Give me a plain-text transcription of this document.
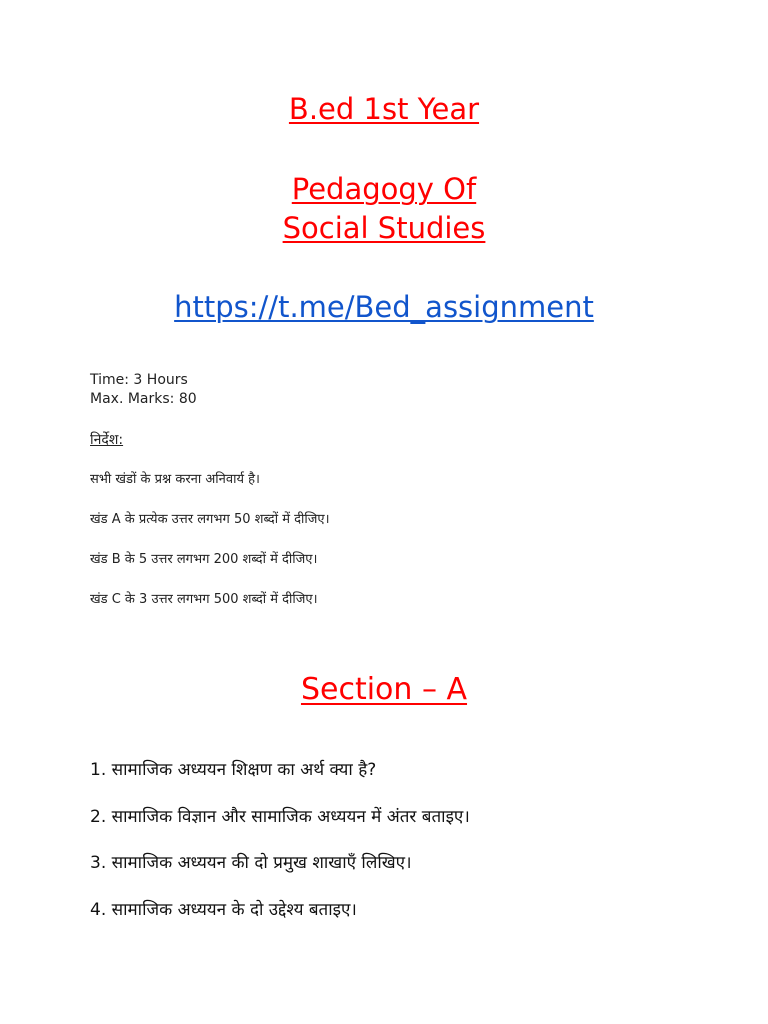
B.ed 1st Year
Pedagogy Of
Social Studies
https://t.me/Bed_assignment
Time: 3 Hours
Max. Marks: 80
निर्देश:
सभी खंडों के प्रश्न करना अनिवार्य है।
खंड A के प्रत्येक उत्तर लगभग 50 शब्दों में दीजिए।
खंड B के 5 उत्तर लगभग 200 शब्दों में दीजिए।
खंड C के 3 उत्तर लगभग 500 शब्दों में दीजिए।
Section – A
1. सामाजिक अध्ययन शिक्षण का अर्थ क्या है?
2. सामाजिक विज्ञान और सामाजिक अध्ययन में अंतर बताइए।
3. सामाजिक अध्ययन की दो प्रमुख शाखाएँ लिखिए।
4. सामाजिक अध्ययन के दो उद्देश्य बताइए।
